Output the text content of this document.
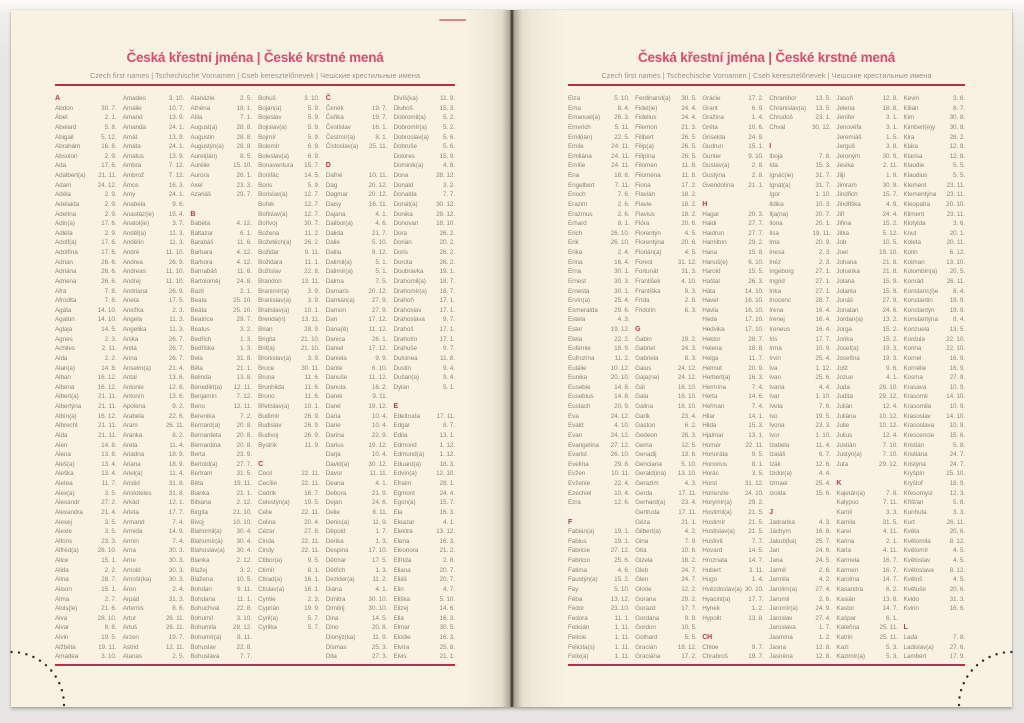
Česká křestní jména | České krstné mená
Czech first names | Tschechische Vornamen | Cseh keresztelőnevek | Чешские крестильные имена
A
Abdon	30. 7.
Ábel	2. 1.
Abelard	5. 8.
Abigail	5. 12.
Abrahám	16. 8.
Absolon	2. 9.
Ada	17. 6.
Adalbert(a) 21. 11.
Adam	24. 12.
Adéla	2. 9.
Adelaida	2. 9.
Adelína	2. 9.
Adin(a)	17. 6.
Adléta	2. 9.
Adolf(a)	17. 6.
Adolfína	17. 6.
Adrian	26. 6.
Adriána	26. 6.
Adriena	26. 6.
Afra	7. 8.
Afrodita	7. 8.
Agáta	14. 10.
Agaton	14. 10.
Aglaja	14. 5.
Agnes	2. 3.
Achiles	2. 11.
Aida	2. 2.
Alan(a)	14. 8.
Alban	16. 12.
Albena	16. 12.
Albert(a)	21. 11.
Albertýna	21. 11.
Albín(a)	16. 12.
Albrecht	21. 11.
Alda	21. 11.
Alen	14. 8.
Alena	13. 8.
Aleš(a)	13. 4.
Aleška	13. 4.
Aletea	11. 7.
Alex(a)	3. 5.
Alexandr	27. 2.
Alexandra	21. 4.
Alexej	3. 5.
Alexie	3. 5.
Alfons	23. 3.
Alfréd(a)	28. 10.
Alice	15. 1.
Alida	2. 2.
Alina	28. 7.
Alison	15. 1.
Alma	2. 7.
Alois(ie)	21. 6.
Alva	28. 10.
Alvar	8. 8.
Alvin	19. 5.
Alžběta	19. 11.
Amadea	3. 10.
Amadeo	3. 10.
Amálie	10. 7.
Amand	13. 9.
Amanda	24. 1.
Amát	13. 9.
Amáta	24. 1.
Amatus	13. 9.
Ambra	7. 12.
Ambrož	7. 12.
Ámos	16. 3.
Amy	24. 1.
Anabela	9. 6.
Anastáz(ie) 15. 4.
Anatol(ie)	3. 7.
Anděl(a)	11. 3.
Andělín	11. 3.
André	11. 10.
Andrea	26. 9.
Andreas	11. 10.
Andrej	11. 10.
Andriana	26. 9.
Aneta	17. 5.
Anežka	2. 3.
Angela	11. 3.
Angelika	11. 3.
Anika	26. 7.
Anita	26. 7.
Anna	26. 7.
Anselm(a)	21. 4.
Antal	13. 6.
Antonie	12. 6.
Antonín	13. 6.
Apolena	9. 2.
Arabela	22. 6.
Aram	26. 11.
Aranka	8. 2.
Areta	11. 4.
Ariadna	18. 9.
Ariana	18. 9.
Ariel(a)	11. 4.
Aristid	31. 8.
Aristoteles	31. 8.
Arkád	12. 1.
Arleta	17. 7.
Armand	7. 4.
Armida	14. 9.
Armin	7. 4.
Arna	30. 3.
Arne	30. 3.
Arnold	30. 3.
Arnošt(ka)	30. 3.
Áron	2. 4.
Arpád	31. 3.
Artemis	8. 6.
Artur	26. 11.
Artuš	26. 11.
Arzen	19. 7.
Astrid	12. 11.
Atanas	2. 5.
Atanázie	2. 5.
Athéna	18. 1.
Atila	7. 1.
August(a)	28. 8.
Augustin	28. 8.
Augustýn(a) 28. 8.
Aurel(ián)	8. 5.
Aurélie	15. 10.
Aurora	26. 1.
Axel	23. 3.
Azariáš	29. 7.
B
Babeta	4. 12.
Baltazar	6. 1.
Barabáš	11. 6.
Barbara	4. 12.
Barbora	4. 12.
Barnabáš	11. 6.
Bartoloměj	24. 8.
Bazil	2. 1.
Beata	25. 10.
Beáta	25. 10.
Beatrice	29. 7.
Beatus	3. 2.
Bedřich	1. 3.
Bedřiška	1. 3.
Bela	31. 8.
Běla	21. 1.
Belinda	13. 8.
Benedikt(a) 12. 11.
Benjamín	7. 12.
Beno	12. 11.
Berenika	7. 2.
Bernard(a)	20. 8.
Bernardeta 20. 8.
Bernardina 20. 8.
Berta	23. 9.
Bertold(a)	27. 7.
Bertram	31. 5.
Běta	19. 11.
Bianka	21. 1.
Bibiana	2. 12.
Birgita	21. 10.
Bivoj	10. 10.
Blahomil(a) 30. 4.
Blahomír(a) 30. 4.
Blahoslav(a) 30. 4.
Blanka	2. 12.
Blažej	3. 2.
Blažena	10. 5.
Bohdan	9. 11.
Bohdana	11. 1.
Bohuchval	22. 8.
Bohumil	3. 10.
Bohumila	28. 12.
Bohumír(a) 8. 11.
Bohuslav	22. 8.
Bohuslava	7. 7.
Bohuš	3. 10.
Bojan(a)	5. 9.
Bojeslav	5. 9.
Bojislav(a)	5. 9.
Bojmír	5. 9.
Bolemír	6. 9.
Boleslav(a)	6. 9.
Bonaventura 15. 7.
Bonifác	14. 5.
Boris	5. 9.
Borislav(a)	12. 7.
Bořek	12. 7.
Bořislav(a)	12. 7.
Bořivoj	30. 7.
Božena	11. 2.
Božetěch(a) 26. 2.
Božidar	9. 11.
Božidara	11. 1.
Božislav	22. 8.
Brandon	13. 11.
Branimír(a)	3. 9.
Branislav(a)	3. 9.
Bratislav(a) 10. 1.
Brenda(n) 13. 11.
Brian	28. 9.
Brigita	21. 10.
Brit(a)	21. 10.
Bronislav(a)	3. 9.
Bruce	30. 11.
Bruna	11. 6.
Brunhilda	11. 6.
Bruno	11. 6.
Břetislav(a) 10. 1.
Budimír	26. 9.
Budislav	26. 9.
Budivoj	26. 9.
Bystrík	11. 9.
C
Cecil	22. 11.
Cecílie	22. 11.
Cedrik	16. 7.
Celestýn(a) 19. 5.
Celie	22. 11.
Celina	20. 4.
Cézar	27. 8.
Cinda	22. 11.
Cindy	22. 11.
Ctibor(a)	9. 5.
Ctimír	8. 1.
Ctirad(a)	16. 1.
Ctislav(a)	16. 1.
Cyntie	2. 3.
Cyprián	19. 9.
Cyril(a)	5. 7.
Cyrilka	5. 7.
Č
Čeněk	19. 7.
Čeňka	19. 7.
Čestislav	16. 1.
Čestmír(a)	8. 1.
Čistoslav(a) 25. 11.
D
Dafné	10. 11.
Dag	20. 12.
Dagmar	20. 12.
Daisy	16. 11.
Dajana	4. 1.
Dalibor(a)	4. 6.
Dalida	21. 7.
Dalie	5. 10.
Dalila	9. 12.
Dalimil(a)	5. 1.
Dalimír(a)	5. 1.
Dalma	7. 5.
Damaris	20. 12.
Damián(a)	27. 9.
Damon	27. 9.
Dan	17. 12.
Dana(ě)	11. 12.
Danica	26. 1.
Daniel	17. 12.
Daniela	9. 9.
Dante	6. 10.
Danuše	11. 12.
Danuta	16. 2.
Darek	9. 11.
Darel	19. 12.
Daria	10. 4.
Darie	10. 4.
Darina	22. 9.
Darius	19. 12.
Darja	10. 4.
David(a)	30. 12.
Davor	11. 11.
Deana	4. 1.
Debora	21. 9.
Dejan	24. 6.
Delie	8. 11.
Denis(a)	11. 9.
Děpold	1. 7.
Derika	1. 3.
Despina	17. 10.
Dětmar	17. 5.
Dětřich	1. 3.
Dezider(a)	11. 2.
Diana	4. 1.
Dimitra	30. 10.
Dimitrij	30. 10.
Dina	14. 5.
Dino	20. 8.
Dionýz(ka)	11. 9.
Dismas	25. 3.
Dita	27. 3.
Divíš(ka)	11. 9.
Dluhoš	15. 3.
Dobromil(a)	5. 2.
Dobromír(a)	5. 2.
Dobroslav(a) 5. 6.
Dobruše	5. 6.
Dolores	15. 9.
Dominik(a)	4. 8.
Dona	28. 12.
Donald	3. 2.
Donalda	7. 7.
Donát(a)	30. 12.
Donika	28. 12.
Donovan	18. 10.
Dora	26. 2.
Dorián	20. 2.
Doris	26. 2.
Dorota	26. 2.
Doubravka	19. 1.
Drahomil(a) 18. 7.
Drahomír(a) 18. 7.
Drahoň	17. 1.
Drahoslav	17. 1.
Drahoslava	9. 7.
Drahoš	17. 1.
Drahotín	17. 1.
Drahuše	9. 7.
Dulcinea	11. 8.
Dustin	9. 4.
Dušan(a)	9. 4.
Dylan	5. 1.
E
Edeltruda	17. 11.
Edgar	8. 7.
Edita	13. 1.
Edmond	1. 12.
Edmund(a) 1. 12.
Eduard(a)	18. 3.
Edvín(a)	12. 10.
Efraim	28. 1.
Egmont	24. 4.
Egon(a)	15. 7.
Ela	16. 3.
Eleazar	4. 1.
Elektra	13. 12.
Elena	16. 3.
Eleonora	21. 2.
Elfrída	2. 8.
Eliana	20. 7.
Eliáš	20. 7.
Elin	4. 7.
Eliška	5. 10.
Elizej	14. 6.
Ella	16. 3.
Elmar	30. 5.
Elodie	16. 3.
Elvíra	25. 8.
Elvis	21. 1.
Česká křestní jména | České krstné mená
Czech first names | Tschechische Vornamen | Cseh keresztelőnevek | Чешские крестильные имена
Elza	5. 10.
Ema	8. 4.
Emanuel(a) 26. 3.
Emerich	5. 11.
Emil(ián)	22. 5.
Emila	24. 11.
Emiliána	24. 11.
Emílie	24. 11.
Ena	18. 8.
Engelbert	7. 11.
Enoch	7. 6.
Erazim	2. 6.
Erazmus	2. 6.
Erhard	8. 1.
Erich	26. 10.
Erik	26. 10.
Erika	2. 4.
Erina	16. 4.
Erna	30. 1.
Ernest	30. 3.
Ernesta	30. 1.
Ervín(a)	25. 4.
Esmeralda	29. 6.
Estela	4. 3.
Ester	19. 12.
Etela	22. 2.
Eufémie	18. 9.
Eufrozína	11. 2.
Eulálie	10. 12.
Eunika	20. 10.
Eusebie	14. 8.
Eusebius	14. 8.
Eustach	20. 9.
Eva	24. 12.
Evald	4. 10.
Evan	24. 12.
Evangelína 27. 12.
Evarist	26. 10.
Evelína	29. 8.
Evžen	10. 11.
Evženie	22. 4.
Ezechiel	10. 4.
Ezra	12. 6.
F
Fabián(a)	19. 1.
Fabius	19. 1.
Fabricie	27. 12.
Fabricio	25. 6.
Fatima	4. 6.
Faustýn(a)	15. 2.
Fay	5. 10.
Féba	13. 12.
Fedor	23. 10.
Fedora	11. 1.
Felicián	1. 11.
Felície	1. 11.
Felicita(s)	1. 11.
Felix(a)	1. 11.
Ferdinand(a) 30. 5.
Fidel(ie)	24. 4.
Fidelius	24. 4.
Filemon	21. 3.
Filibert	26. 5.
Filip(a)	26. 5.
Filipína	26. 5.
Filomen	11. 8.
Filoména	11. 8.
Fiona	17. 2.
Flavián	18. 2.
Flavie	18. 2.
Flavius	18. 2.
Flóra	20. 6.
Florentýn	4. 5.
Florentýna	20. 6.
Florián(a)	4. 5.
Forest	31. 12.
Fortunát	31. 3.
František	4. 10.
Františka	9. 3.
Frída	2. 8.
Fridolín	6. 3.
G
Gabin	19. 2.
Gabriel	24. 3.
Gabriela	8. 3.
Gaius	24. 12.
Gaja(na)	24. 12.
Gál	16. 10.
Gala	16. 10.
Galina	16. 10.
Garik	23. 4.
Gaston	6. 2.
Gedeon	28. 3.
Gema	12. 5.
Genadij	13. 6.
Genciana	5. 10.
Gerald(ina) 13. 10.
Gerazim	4. 3.
Gerda	17. 11.
Gerhard(a) 23. 4.
Gertruda	17. 11.
Géza	21. 1.
Gilbert(a)	4. 2.
Gina	7. 9.
Gita	10. 6.
Gizela	18. 2.
Gleb	24. 7.
Glen	24. 7.
Glorie	12. 2.
Gorana	29. 2.
Gorazd	17. 7.
Gordana	9. 9.
Gordon	10. 5.
Gothard	5. 5.
Gracián	18. 12.
Graciána	17. 2.
Grácie	17. 2.
Grant	6. 9.
Gražina	1. 4.
Gréta	10. 6.
Griselda	24. 9.
Gudrun	15. 1.
Gunter	9. 10.
Gustav(a)	2. 8.
Gustýna	2. 8.
Gvendolína 21. 1.
H
Hagar	20. 3.
Haidi	27. 7.
Haidrun	27. 7.
Hamilton	29. 2.
Hana	15. 8.
Hanuš(e)	6. 10.
Harold	15. 5.
Haštal	26. 3.
Háta	14. 10.
Havel	16. 10.
Havla	16. 10.
Heda	17. 10.
Hedvika	17. 10.
Hektor	28. 7.
Helena	18. 8.
Helga	11. 7.
Helmut	20. 9.
Herbert(a)	16. 3.
Hermína	7. 4.
Herta	14. 6.
Heřman	7. 4.
Hilar	14. 1.
Hilda	15. 3.
Hjalmar	13. 1.
Homér	22. 11.
Honoráta	9. 5.
Honorius	8. 1.
Horác	3. 5.
Horst	31. 12.
Hortenzie	24. 10.
Horymír(a)	29. 2.
Hostimil(a)	21. 5.
Hostimír	21. 5.
Hostislav(a) 21. 5.
Hostivít	7. 7.
Hovard	14. 5.
Hroznata	14. 7.
Hubert	3. 11.
Hugo	1. 4.
Hvězdoslav(a) 30. 10.
Hyacint(a)	17. 7.
Hynek	1. 2.
Hypolit	13. 8.
CH
Chloe	9. 7.
Chrabroš	19. 7.
Chranibor	13. 5.
Chranislav(a) 13. 5.
Chrudoš	23. 1.
Chval	30. 12.
I
Iboja	7. 8.
Ida	15. 3.
Ignác(ie)	31. 7.
Ignát(a)	31. 7.
Igor	1. 10.
Ildika	10. 3.
Ilja(na)	20. 7.
Ilona	20. 1.
Ilsa	19. 11.
Ima	20. 9.
Inesa	2. 3.
Inéz	2. 3.
Ingeborg	27. 1.
Ingrid	27. 1.
Inka	27. 1.
Inocenc	28. 7.
Irena	16. 4.
Irenej	16. 4.
Ireneus	16. 4.
Iris	17. 7.
Irma	10. 9.
Irvin	25. 4.
Iva	1. 12.
Ivan	25. 6.
Ivana	4. 4.
Ivar	1. 10.
Iveta	7. 6.
Ivo	19. 5.
Ivona	23. 3.
Ivor	1. 10.
Izabela	11. 4.
Izaiáš	6. 7.
Izák	12. 6.
Izidor(a)	4. 4.
Izmael	25. 4.
Izolda	15. 6.
J
Jadranka	4. 3.
Jáchym	16. 8.
Jakub(ka)	25. 7.
Jan	24. 6.
Jana	24. 5.
Jarmil	2. 6.
Jarmila	4. 2.
Jarolím(a)	27. 4.
Jaromil	2. 6.
Jaromír(a)	24. 9.
Jaroslav	27. 4.
Jaroslava	1. 7.
Jasmína	1. 2.
Jasna	12. 8.
Jasněna	12. 8.
Jasoň	12. 8.
Jelena	18. 8.
Jenifer	3. 1.
Jenovéfa	3. 1.
Jeremiáš	1. 5.
Jerguš	3. 8.
Jeroným	30. 9.
Jesika	2. 11.
Jiljí	1. 9.
Jimram	30. 9.
Jindřich	15. 7.
Jindřiška	4. 9.
Jiří	24. 4.
Jiřina	15. 2.
Jitka	5. 12.
Job	10. 5.
Joel	19. 10.
Johana	21. 8.
Johanka	21. 8.
Jolana	15. 9.
Jolanta	15. 9.
Jonáš	27. 9.
Jonatan	24. 6.
Jordan(a)	13. 2.
Jorga	15. 2.
Jorika	15. 2.
Josef(a)	19. 3.
Josefína	19. 3.
Jošt	9. 6.
Jozue	4. 1.
Juda	28. 10.
Judita	29. 12.
Julián	12. 4.
Juliána	10. 12.
Julie	10. 12.
Julius	12. 4.
Justián	7. 10.
Justýn(a)	7. 10.
Juta	29. 12.
K
Kajetán(a)	7. 8.
Kalypso	7. 11.
Kamil	3. 3.
Kamila	31. 5.
Karel	4. 11.
Karina	2. 1.
Karla	4. 11.
Karmela	16. 7.
Karmen	16. 7.
Karolína	14. 7.
Kasandra	6. 2.
Kasián	13. 8.
Kastor	14. 7.
Kašpar	6. 1.
Kateřina	25. 11.
Katrin	25. 11.
Kazi	5. 3.
Kazimír(a)	5. 3.
Kevin	3. 6.
Kilián	8. 7.
Kim	30. 8.
Kimberl(e)y 30. 8.
Kira	28. 2.
Klára	12. 8.
Klarisa	12. 8.
Klaudie	5. 5.
Klaudius	5. 5.
Klement	23. 11.
Klementýna 23. 11.
Kleopatra	20. 10.
Kliment	23. 11.
Klotylda	3. 6.
Knut	20. 1.
Koleta	20. 11.
Kolín	6. 12.
Kolman	13. 10.
Kolombín(a) 20. 5.
Konrád	26. 11.
Konstanc(i)e 8. 4.
Konstantin	19. 9.
Konstantýn 19. 9.
Konstantýna 8. 4.
Konzuela	13. 5.
Kordula	22. 10.
Korina	22. 10.
Kornel	16. 9.
Kornélie	16. 9.
Kosma	27. 9.
Krasava	10. 9.
Krasomil	14. 10.
Krasomila	10. 9.
Krasoslav 14. 10.
Krasoslava 10. 9.
Krescencie 15. 6.
Kristián	5. 8.
Kristiána	24. 7.
Kristýna	24. 7.
Kryšpín	25. 10.
Kryštof	18. 9.
Křesomysl	12. 3.
Křišťan	5. 8.
Kunhuta	3. 3.
Kurt	26. 11.
Květa	20. 6.
Květomila	8. 12.
Květomír	4. 5.
Květoslav	4. 5.
Květoslava 8. 12.
Květoš	4. 5.
Květuše	20. 6.
Kvido	31. 3.
Kvirin	16. 6.
L
Lada	7. 8.
Ladislav(a) 27. 6.
Lambert	17. 9.
